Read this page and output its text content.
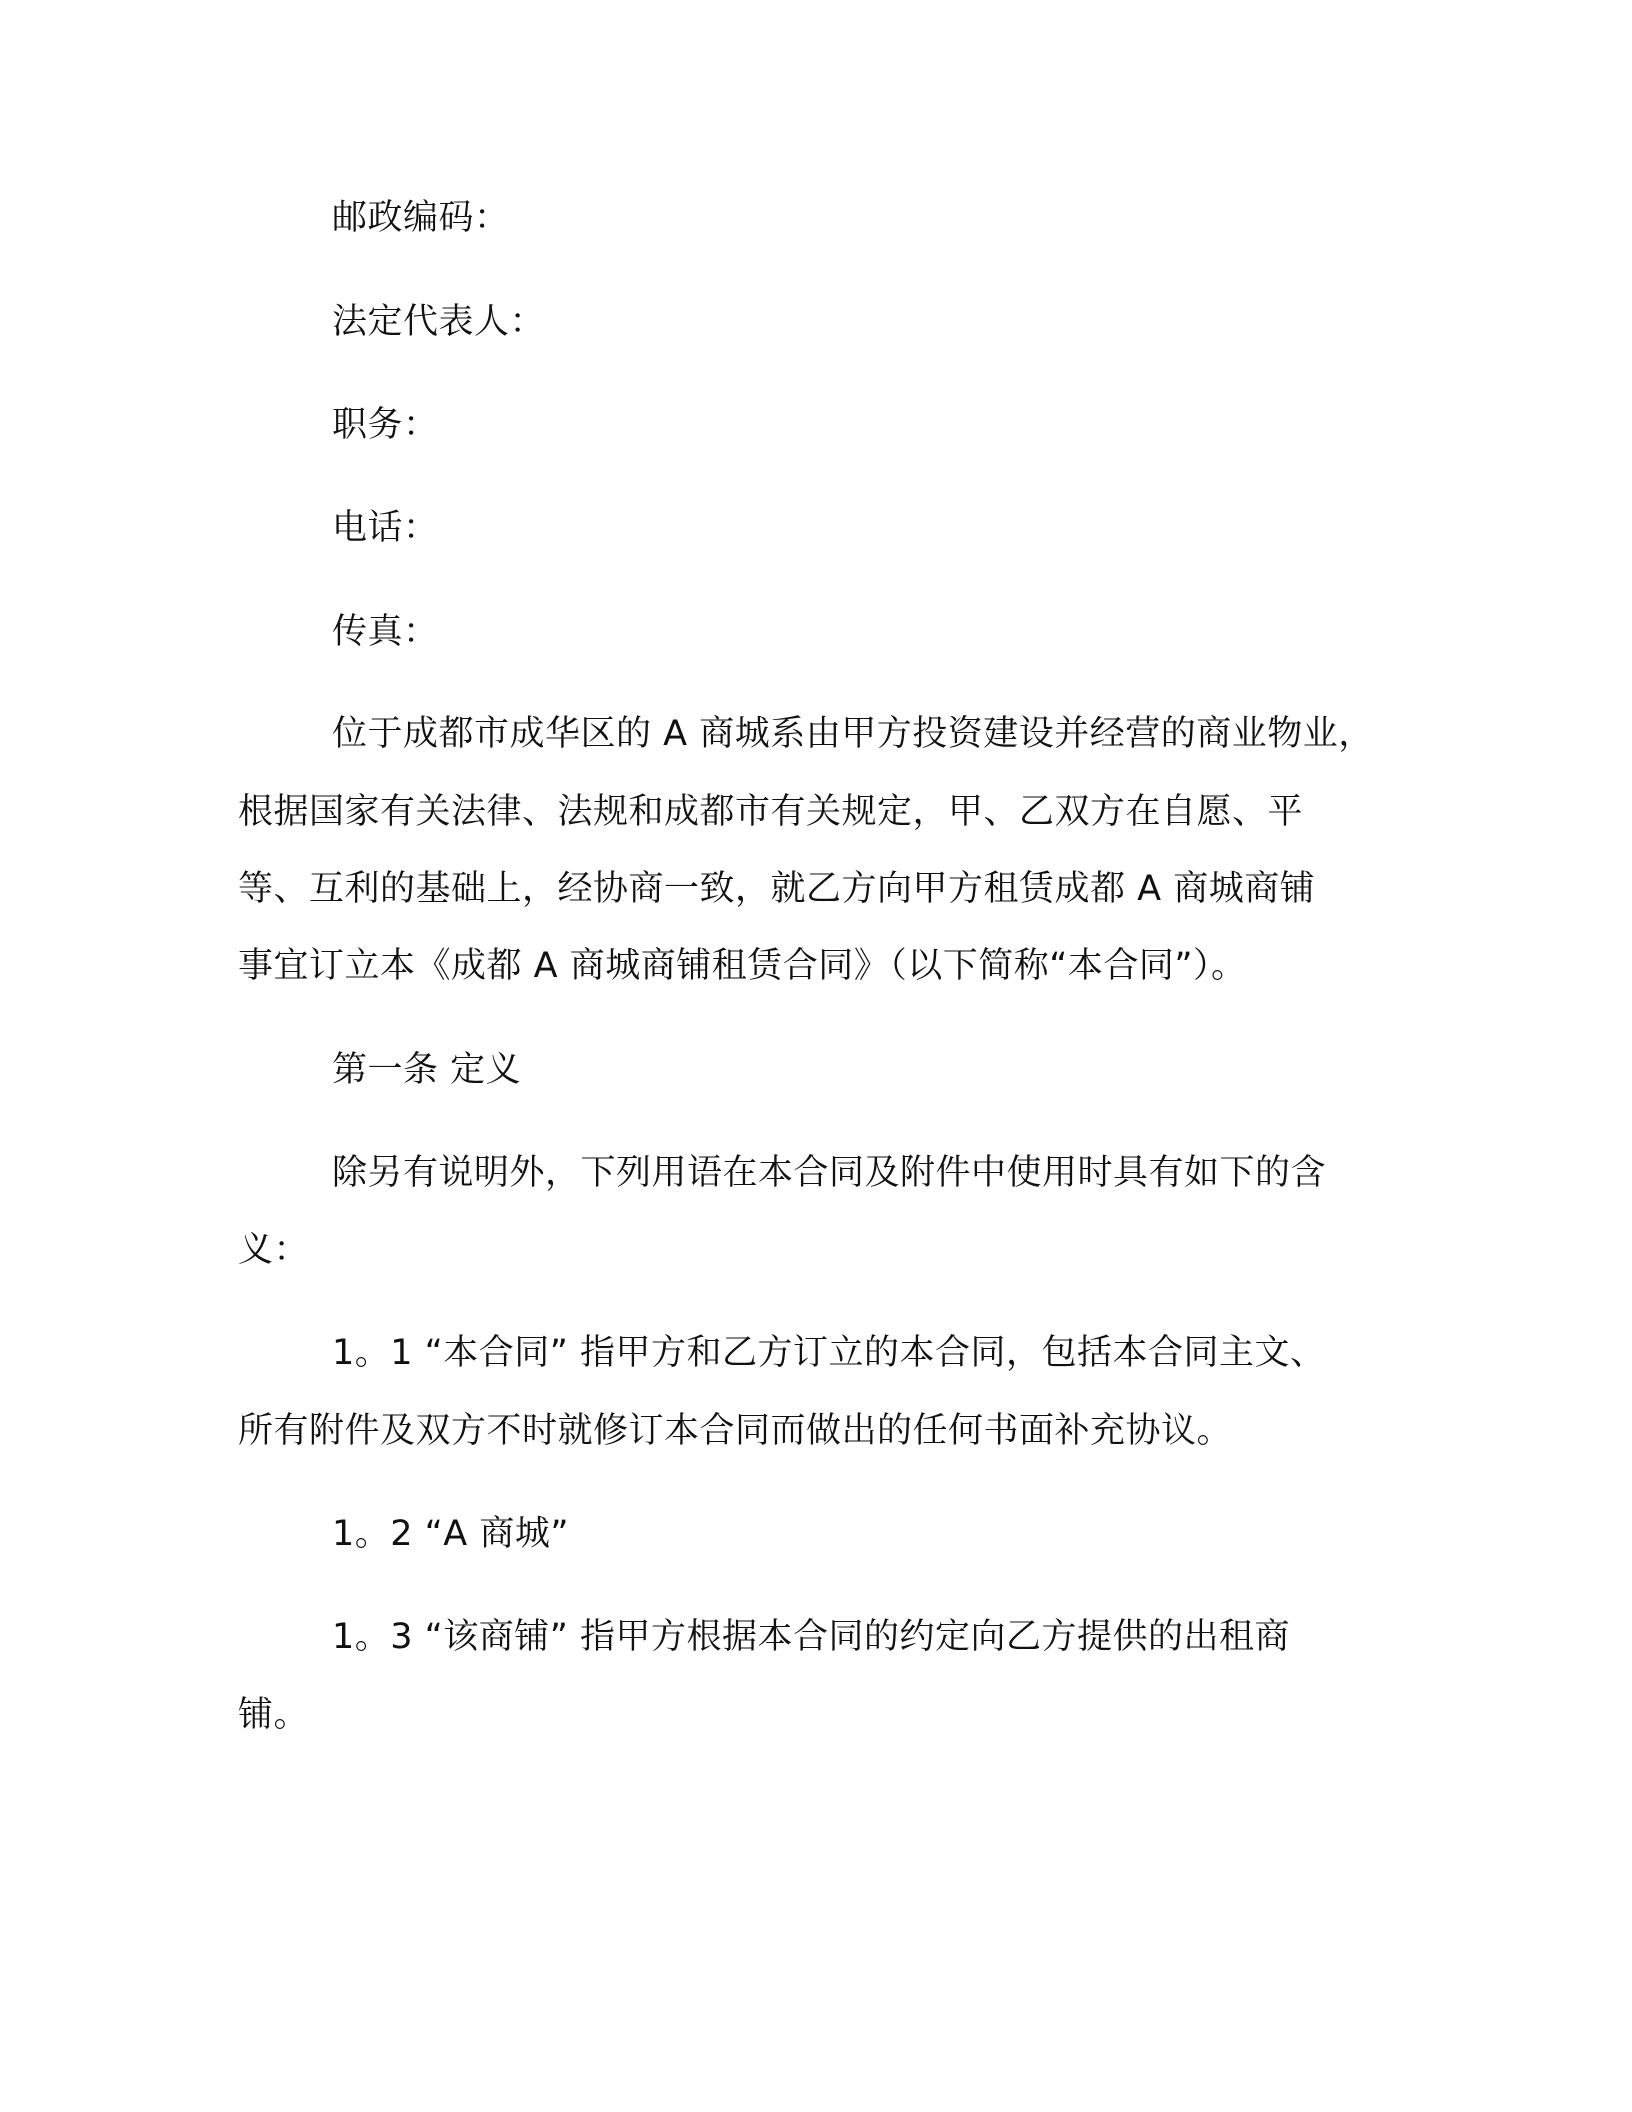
邮政编码：
法定代表人：
职务：
电话：
传真：
位于成都市成华区的 A 商城系由甲方投资建设并经营的商业物业，
根据国家有关法律、法规和成都市有关规定，甲、乙双方在自愿、平
等、互利的基础上，经协商一致，就乙方向甲方租赁成都 A 商城商铺
事宜订立本《成都 A 商城商铺租赁合同》（以下简称“本合同”）。
第一条 定义
除另有说明外，下列用语在本合同及附件中使用时具有如下的含
义：
1。1 “本合同” 指甲方和乙方订立的本合同，包括本合同主文、
所有附件及双方不时就修订本合同而做出的任何书面补充协议。
1。2 “A 商城”
1。3 “该商铺” 指甲方根据本合同的约定向乙方提供的出租商
铺。
